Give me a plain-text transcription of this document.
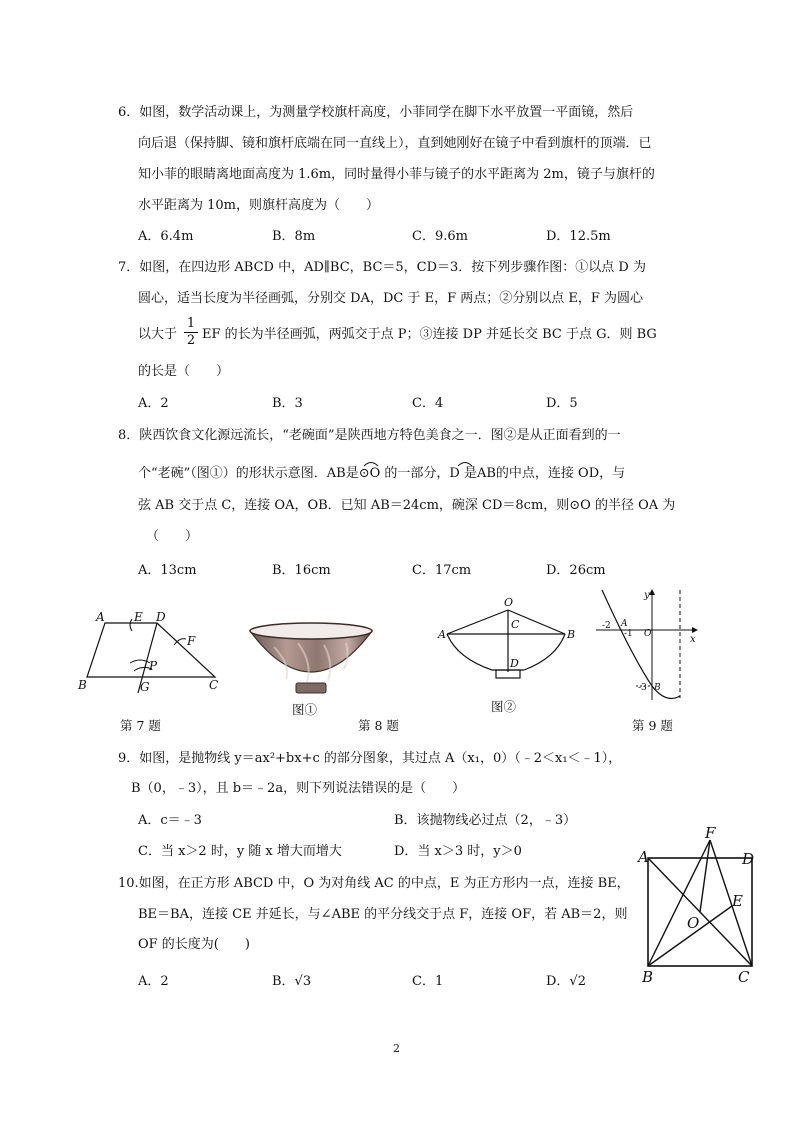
6．如图，数学活动课上，为测量学校旗杆高度，小菲同学在脚下水平放置一平面镜，然后
向后退（保持脚、镜和旗杆底端在同一直线上），直到她刚好在镜子中看到旗杆的顶端．已
知小菲的眼睛离地面高度为 1.6m，同时量得小菲与镜子的水平距离为 2m，镜子与旗杆的
水平距离为 10m，则旗杆高度为（　　）
A．6.4m	B．8m	C．9.6m	D．12.5m
7．如图，在四边形 ABCD 中，AD∥BC，BC＝5，CD＝3．按下列步骤作图：①以点 D 为
圆心，适当长度为半径画弧，分别交 DA，DC 于 E，F 两点；②分别以点 E，F 为圆心
以大于 $\frac{1}{2}$ EF 的长为半径画弧，两弧交于点 P；③连接 DP 并延长交 BC 于点 G．则 BG
的长是（　　）
A．2	B．3	C．4	D．5
8．陕西饮食文化源远流长，“老碗面”是陕西地方特色美食之一．图②是从正面看到的一
个“老碗”（图①）的形状示意图．AB是⊙O 的一部分，D 是AB的中点，连接 OD，与
弦 AB 交于点 C，连接 OA，OB．已知 AB＝24cm，碗深 CD＝8cm，则⊙O 的半径 OA 为
（　　）
A．13cm	B．16cm	C．17cm	D．26cm
A E D
F
P
B	G	C
O
C
A	B
D
y
x
-2 A
-1 O
-3 B
第 7 题
图①
第 8 题
图②
第 9 题
9．如图，是抛物线 y＝ax²+bx+c 的部分图象，其过点 A（x₁，0）（﹣2＜x₁＜﹣1），
B（0，﹣3），且 b＝﹣2a，则下列说法错误的是（　　）
A．c＝﹣3	B．该抛物线必过点（2，﹣3）
C．当 x＞2 时，y 随 x 增大而增大	D．当 x＞3 时，y＞0
10.如图，在正方形 ABCD 中，O 为对角线 AC 的中点，E 为正方形内一点，连接 BE，
BE＝BA，连接 CE 并延长，与∠ABE 的平分线交于点 F，连接 OF，若 AB＝2，则
OF 的长度为(　　)
A．2	B．√3	C．1	D．√2
A	D
F
E
O
B	C
2
